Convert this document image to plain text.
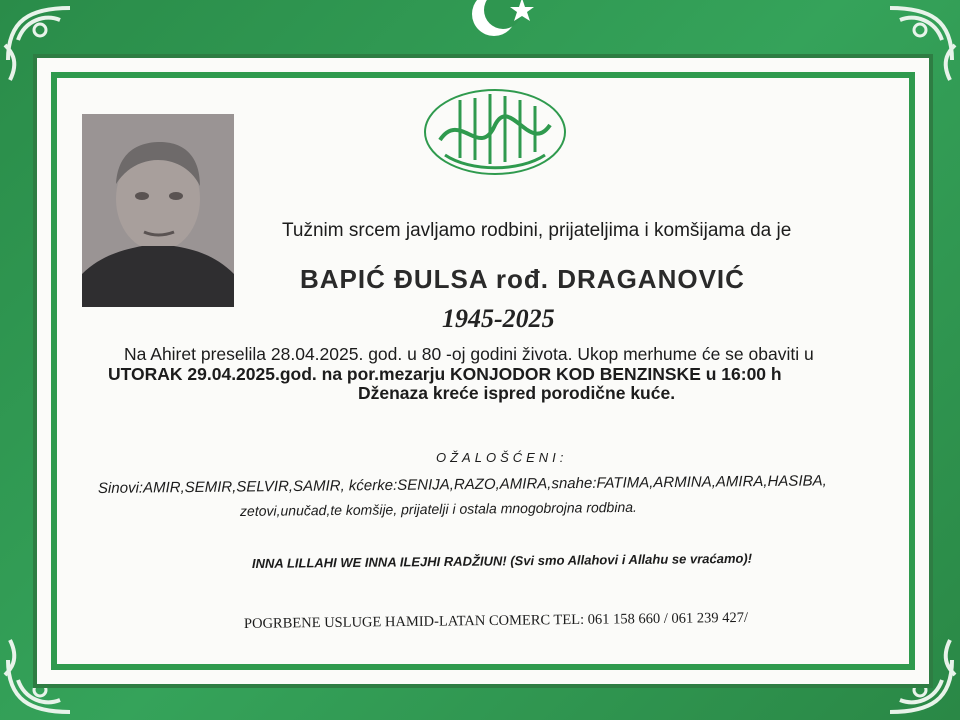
Tužnim srcem javljamo rodbini, prijateljima i komšijama da je
BAPIĆ ĐULSA rođ. DRAGANOVIĆ
1945-2025
Na Ahiret preselila 28.04.2025. god. u 80 -oj godini života. Ukop merhume će se obaviti u
UTORAK 29.04.2025.god. na por.mezarju KONJODOR KOD BENZINSKE u 16:00 h
Dženaza kreće ispred porodične kuće.
OŽALOŠĆENI:
Sinovi:AMIR,SEMIR,SELVIR,SAMIR, kćerke:SENIJA,RAZO,AMIRA,snahe:FATIMA,ARMINA,AMIRA,HASIBA,
zetovi,unučad,te komšije, prijatelji i ostala mnogobrojna rodbina.
INNA LILLAHI WE INNA ILEJHI RADŽIUN! (Svi smo Allahovi i Allahu se vraćamo)!
POGRBENE USLUGE HAMID-LATAN COMERC TEL: 061 158 660 / 061 239 427/
